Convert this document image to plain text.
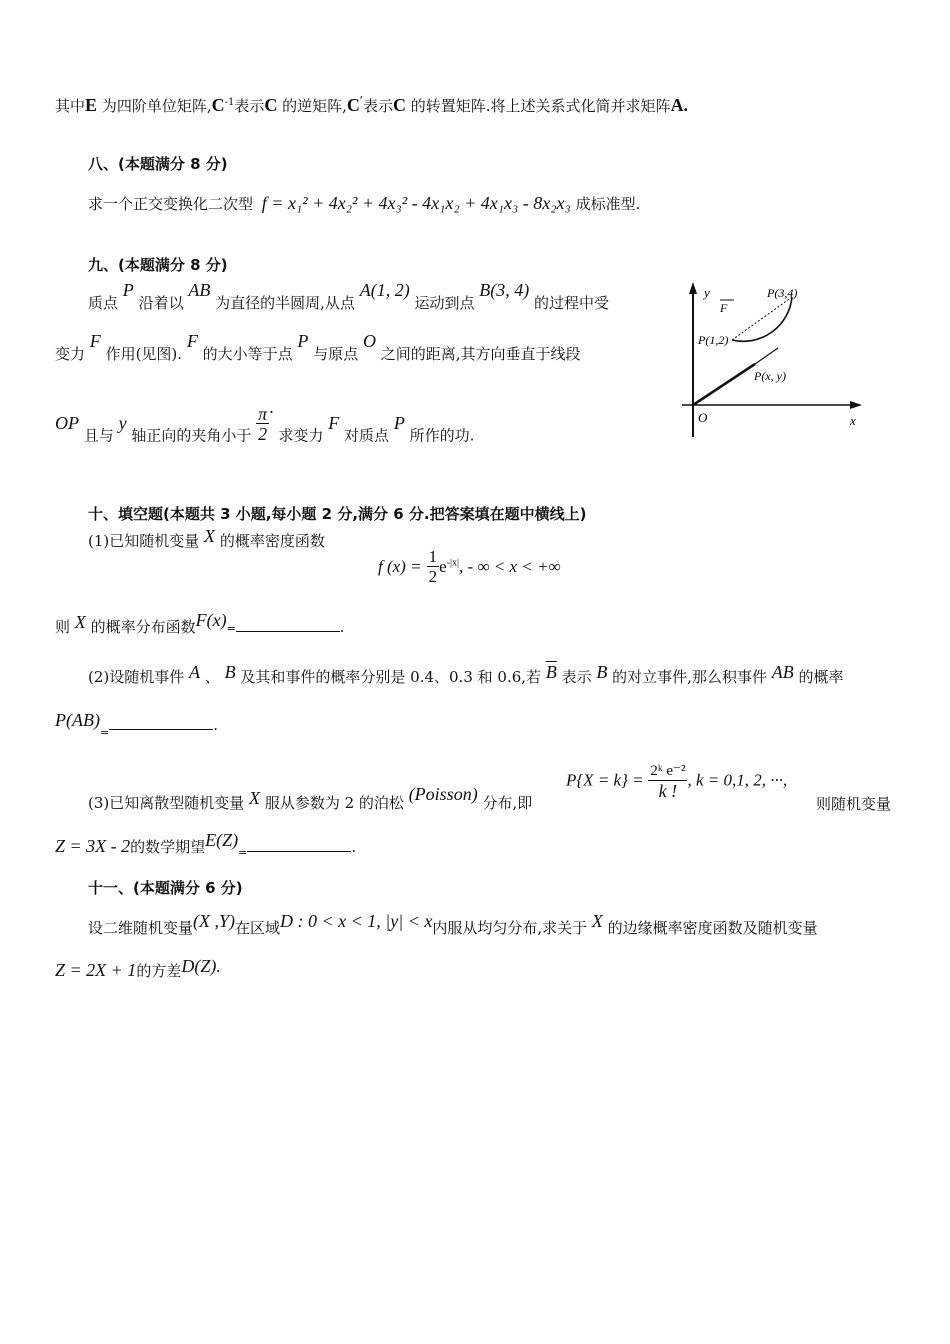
其中E 为四阶单位矩阵$,C^{-1}$表示C 的逆矩阵,C′表示C 的转置矩阵.将上述关系式化简并求矩阵A.
八、(本题满分 8 分)
求一个正交变换化二次型 f = x₁² + 4x₂² + 4x₃² - 4x₁x₂ + 4x₁x₃ - 8x₂x₃ 成标准型.
九、(本题满分 8 分)
质点 P 沿着以 AB 为直径的半圆周,从点 A(1, 2) 运动到点 B(3, 4) 的过程中受
变力 F 作用(见图). F 的大小等于点 P 与原点 O 之间的距离,其方向垂直于线段
OP 且与 y 轴正向的夹角小于 $\frac{\pi}{2}$ . 求变力 F 对质点 P 所作的功.
y
x
O
F
P(3,4)
P(1,2)
P(x, y)
十、填空题(本题共 3 小题,每小题 2 分,满分 6 分.把答案填在题中横线上)
(1)已知随机变量 X 的概率密度函数
f $(x) = \frac{1}{2} e^{-|x|}$, - ∞ < x < +∞
则 X 的概率分布函数F(x)=	.
(2)设随机事件 A 、 B 及其和事件的概率分别是 0.4、0.3 和 0.6,若 $\overline{B}$ 表示 B 的对立事件,那么积事件 AB 的概率
$P(AB)_=$	.
(3)已知离散型随机变量 X 服从参数为 2 的泊松 (Poisson) 分布,即
$P\{X = k\} = \frac{\text{2ᵏ e⁻²}}{k !}$ , k = 0,1, 2, ···,
则随机变量
Z = 3X - 2的数学期望$E(Z)_=$	.
十一、(本题满分 6 分)
设二维随机变量(X ,Y)在区域D : 0 < x < 1, |y| < x内服从均匀分布,求关于 X 的边缘概率密度函数及随机变量
Z = 2X + 1的方差D(Z).
